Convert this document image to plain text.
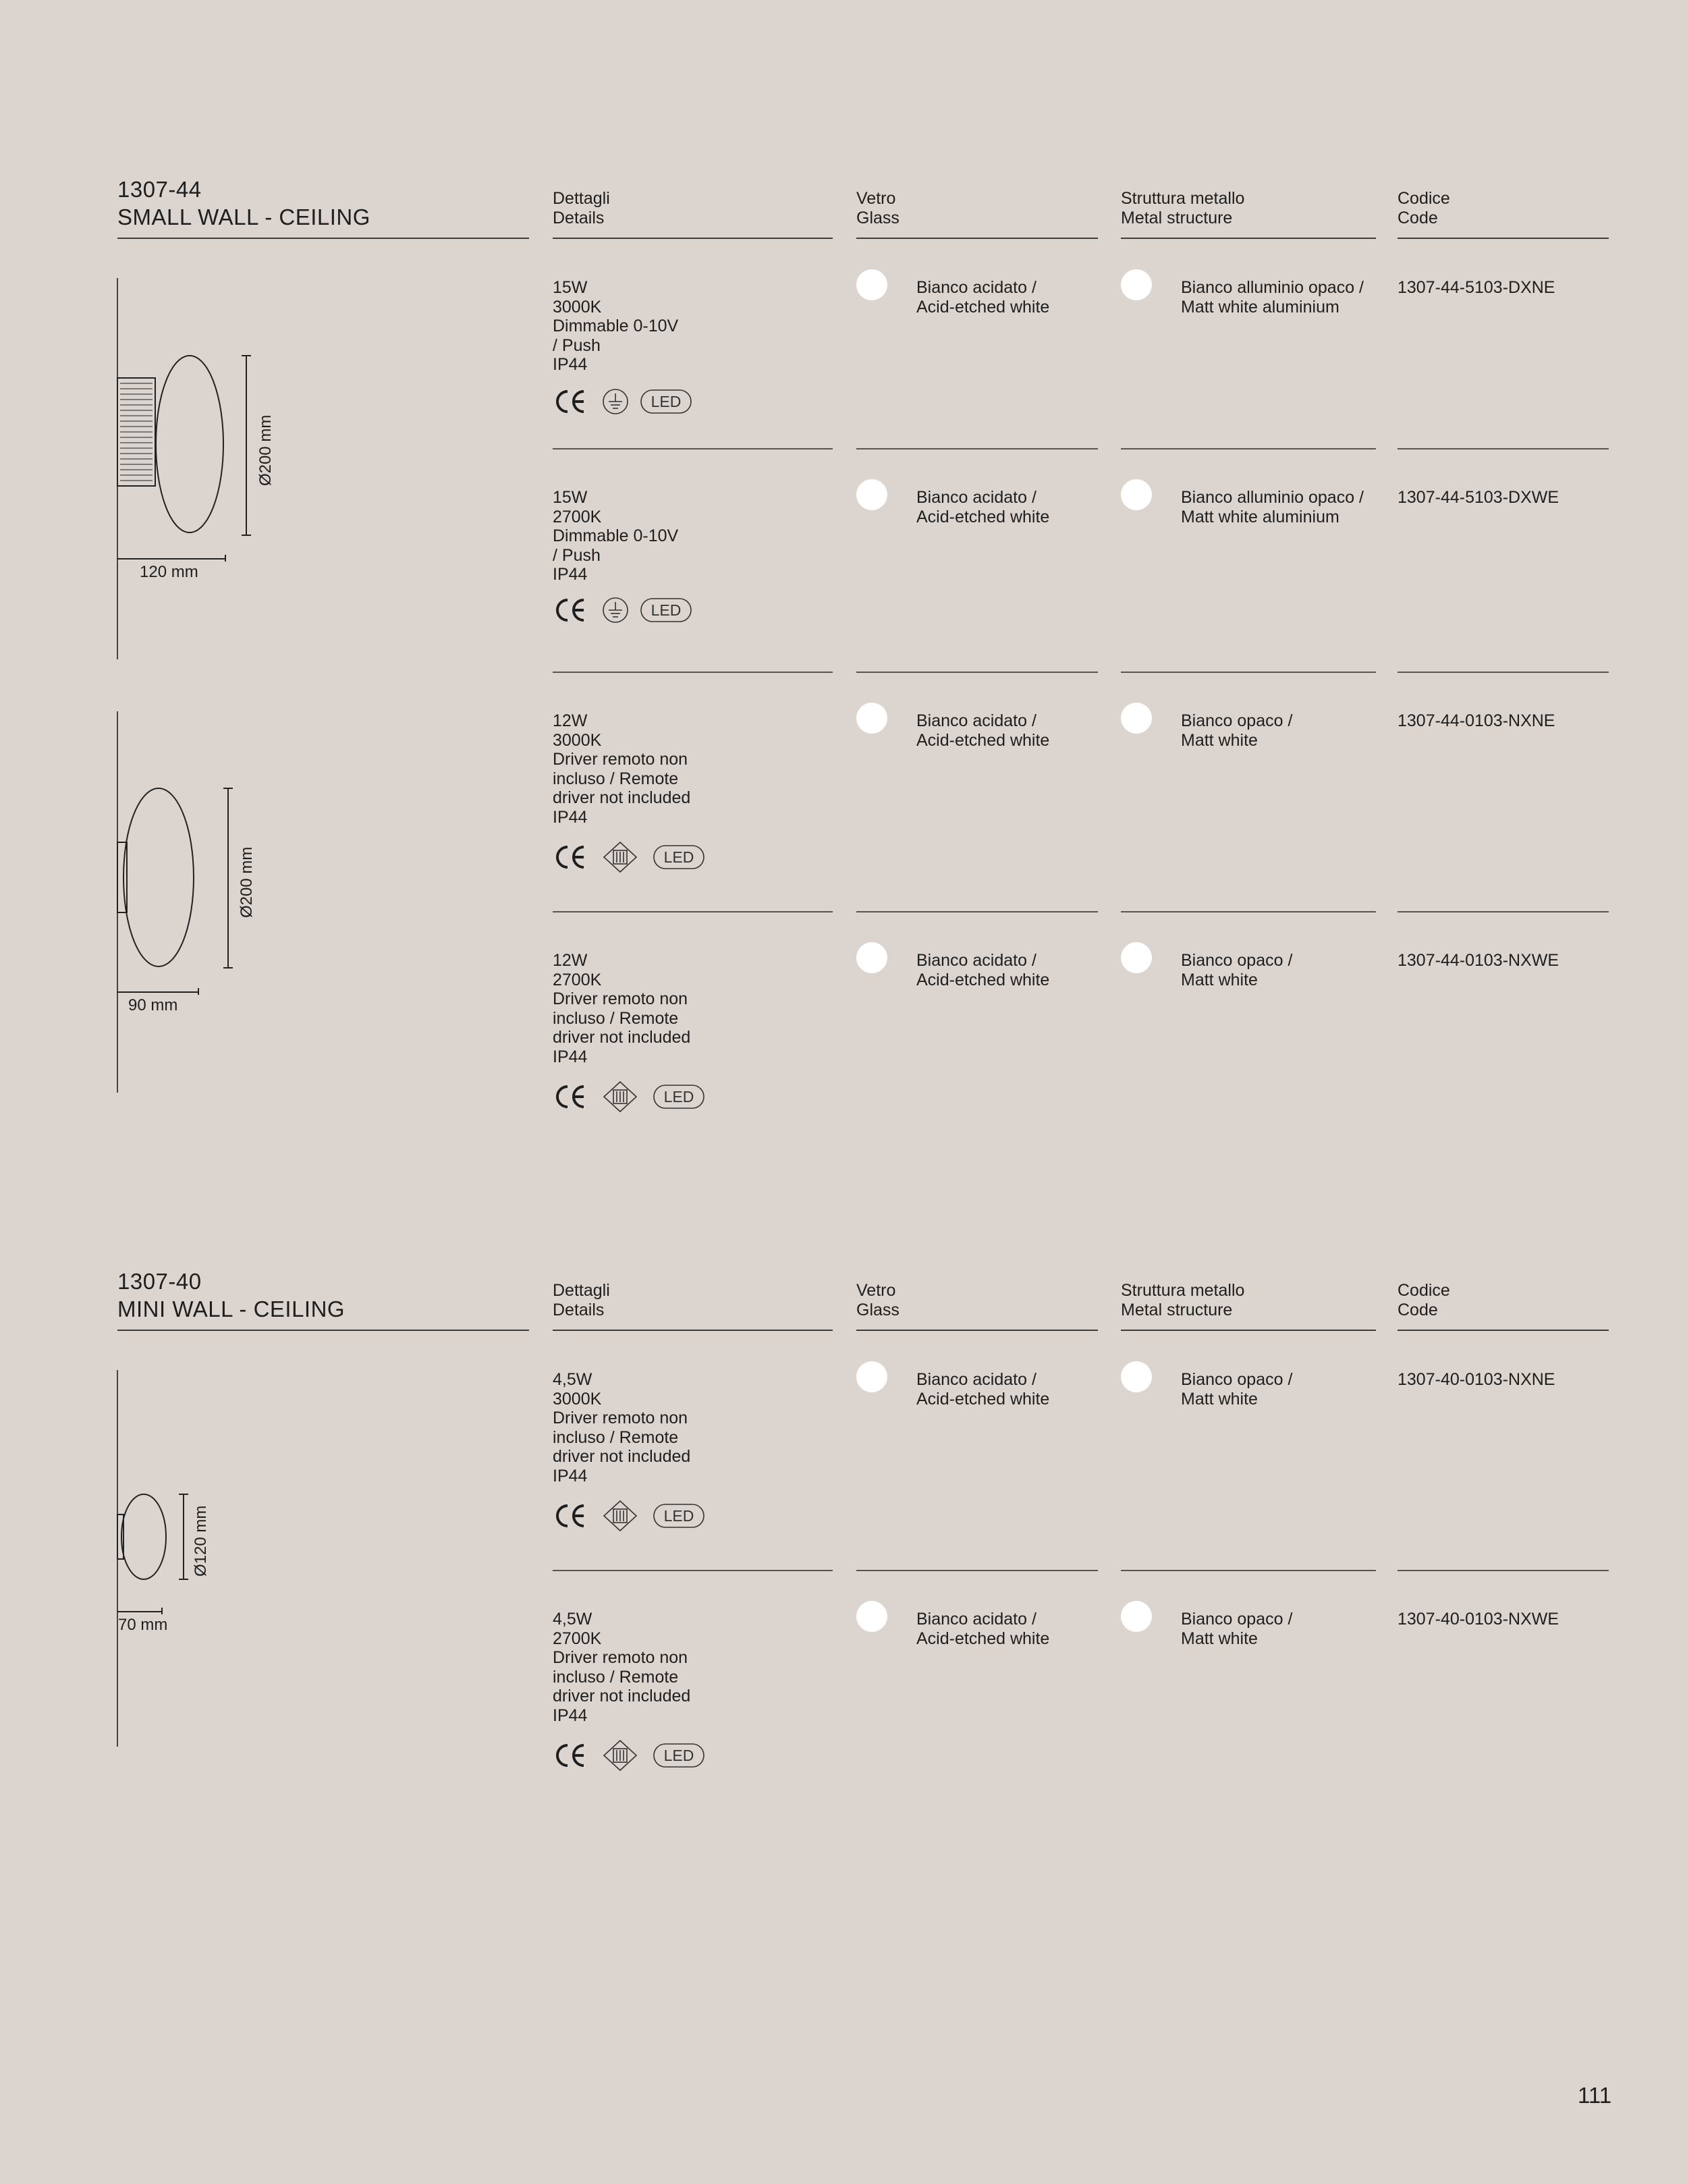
1307-44
SMALL WALL - CEILING
Dettagli
Details
Vetro
Glass
Struttura metallo
Metal structure
Codice
Code
15W
3000K
Dimmable 0-10V
/ Push
IP44
LED
Bianco acidato /
Acid-etched white
Bianco alluminio opaco /
Matt white aluminium
1307-44-5103-DXNE
15W
2700K
Dimmable 0-10V
/ Push
IP44
LED
Bianco acidato /
Acid-etched white
Bianco alluminio opaco /
Matt white aluminium
1307-44-5103-DXWE
12W
3000K
Driver remoto non
incluso / Remote
driver not included
IP44
LED
Bianco acidato /
Acid-etched white
Bianco opaco /
Matt white
1307-44-0103-NXNE
12W
2700K
Driver remoto non
incluso / Remote
driver not included
IP44
LED
Bianco acidato /
Acid-etched white
Bianco opaco /
Matt white
1307-44-0103-NXWE
Ø200 mm
120 mm
Ø200 mm
90 mm
1307-40
MINI WALL - CEILING
Dettagli
Details
Vetro
Glass
Struttura metallo
Metal structure
Codice
Code
4,5W
3000K
Driver remoto non
incluso / Remote
driver not included
IP44
LED
Bianco acidato /
Acid-etched white
Bianco opaco /
Matt white
1307-40-0103-NXNE
4,5W
2700K
Driver remoto non
incluso / Remote
driver not included
IP44
LED
Bianco acidato /
Acid-etched white
Bianco opaco /
Matt white
1307-40-0103-NXWE
Ø120 mm
70 mm
111
